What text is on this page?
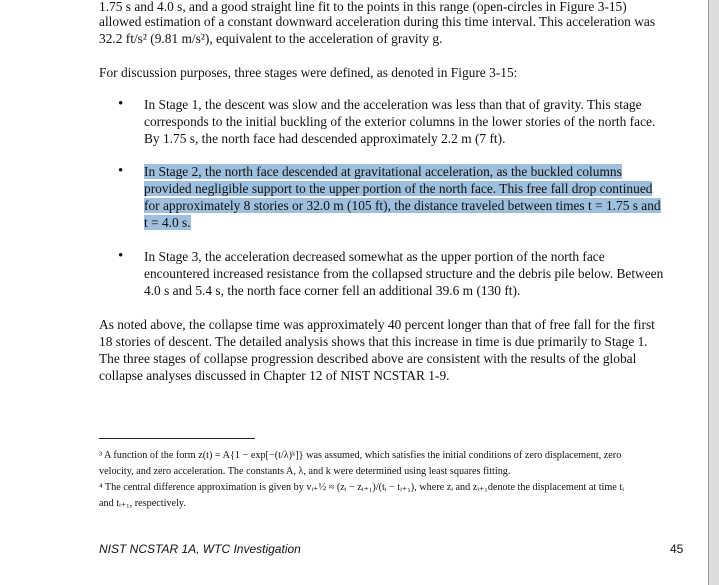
1.75 s and 4.0 s, and a good straight line fit to the points in this range (open-circles in Figure 3-15)
allowed estimation of a constant downward acceleration during this time interval. This acceleration was
32.2 ft/s² (9.81 m/s²), equivalent to the acceleration of gravity g.
For discussion purposes, three stages were defined, as denoted in Figure 3-15:
• In Stage 1, the descent was slow and the acceleration was less than that of gravity. This stage
corresponds to the initial buckling of the exterior columns in the lower stories of the north face.
By 1.75 s, the north face had descended approximately 2.2 m (7 ft).
• In Stage 2, the north face descended at gravitational acceleration, as the buckled columns
provided negligible support to the upper portion of the north face. This free fall drop continued
for approximately 8 stories or 32.0 m (105 ft), the distance traveled between times t = 1.75 s and
t = 4.0 s.
• In Stage 3, the acceleration decreased somewhat as the upper portion of the north face
encountered increased resistance from the collapsed structure and the debris pile below. Between
4.0 s and 5.4 s, the north face corner fell an additional 39.6 m (130 ft).
As noted above, the collapse time was approximately 40 percent longer than that of free fall for the first
18 stories of descent. The detailed analysis shows that this increase in time is due primarily to Stage 1.
The three stages of collapse progression described above are consistent with the results of the global
collapse analyses discussed in Chapter 12 of NIST NCSTAR 1-9.
³ A function of the form z(t) = A{1 − exp[−(t/λ)ᵏ]} was assumed, which satisfies the initial conditions of zero displacement, zero
velocity, and zero acceleration. The constants A, λ, and k were determined using least squares fitting.
⁴ The central difference approximation is given by vᵢ₊½ ≈ (zᵢ − zᵢ₊₁)/(tᵢ − tᵢ₊₁), where zᵢ and zᵢ₊₁denote the displacement at time tᵢ
and tᵢ₊₁, respectively.
NIST NCSTAR 1A, WTC Investigation	45
